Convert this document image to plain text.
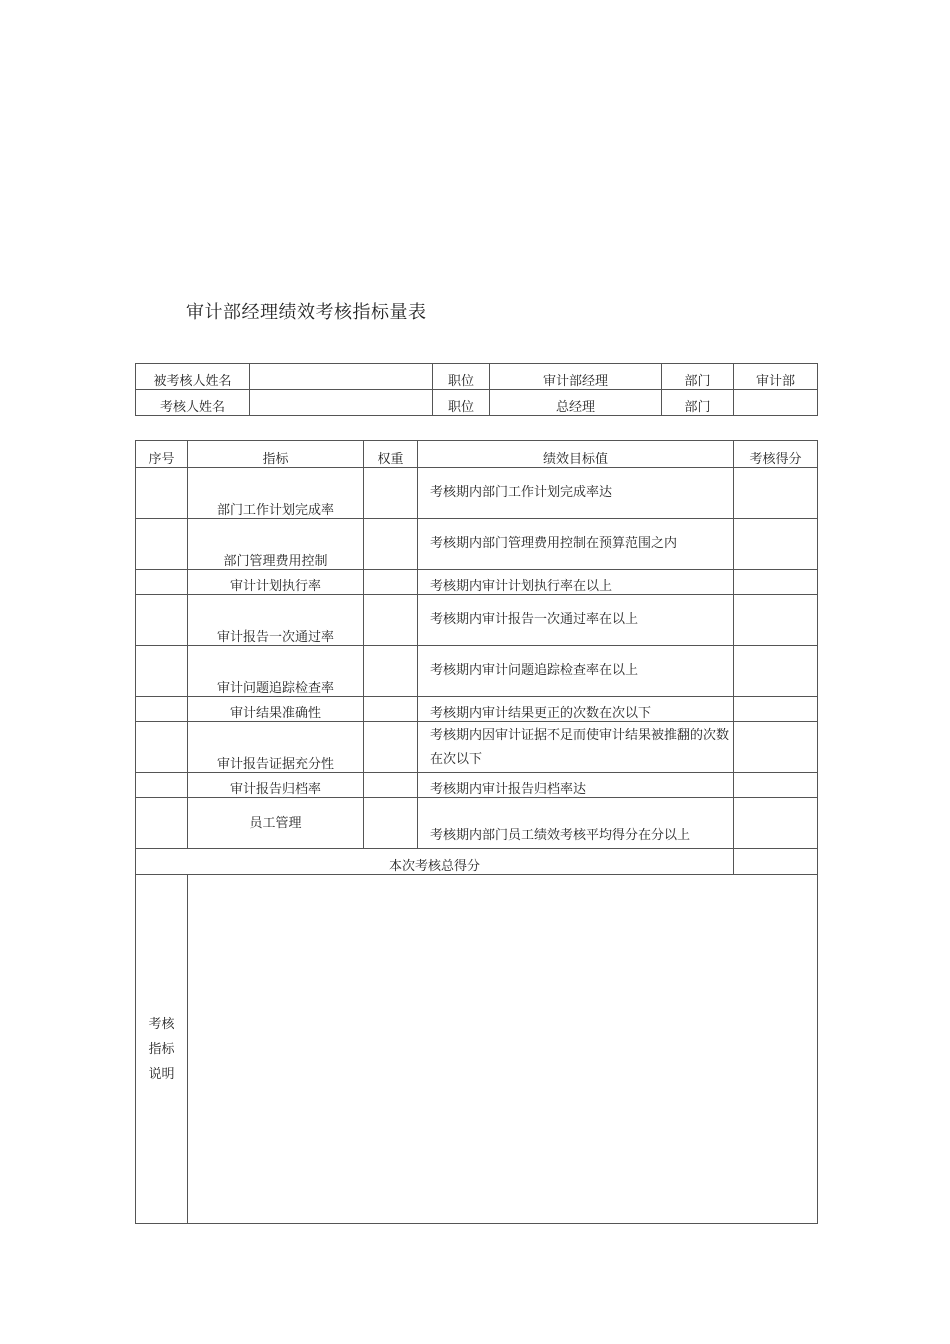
审计部经理绩效考核指标量表
被考核人姓名		职位	审计部经理	部门	审计部
考核人姓名		职位	总经理	部门	
序号	指标	权重	绩效目标值	考核得分
	部门工作计划完成率		考核期内部门工作计划完成率达	
	部门管理费用控制		考核期内部门管理费用控制在预算范围之内	
	审计计划执行率		考核期内审计计划执行率在以上	
	审计报告一次通过率		考核期内审计报告一次通过率在以上	
	审计问题追踪检查率		考核期内审计问题追踪检查率在以上	
	审计结果准确性		考核期内审计结果更正的次数在次以下	
	审计报告证据充分性		考核期内因审计证据不足而使审计结果被推翻的次数在次以下	
	审计报告归档率		考核期内审计报告归档率达	
	员工管理		考核期内部门员工绩效考核平均得分在分以上	
本次考核总得分				

考核
指标
说明				
